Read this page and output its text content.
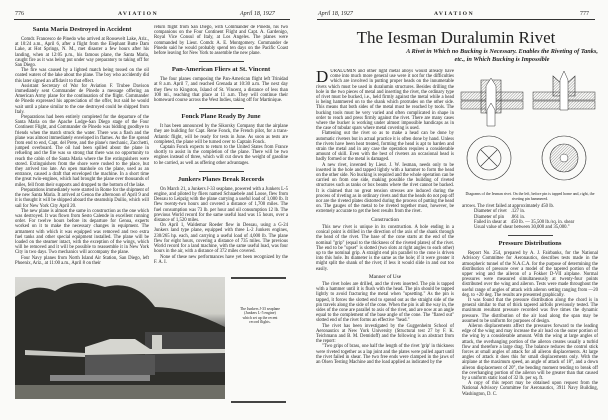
776	AVIATION	April 18, 1927
Santa Maria Destroyed in Accident

Comdr. Francesco de Pinedo who arrived at Roosevelt Lake, Ariz., at 10:24 a.m., April 6, after a flight from the Elephant Butte Dam Lake, at Hot Springs, N. M., met disaster a few hours after his landing, when at 12:05 p.m., his famous plane, the Santa Maria, caught fire as it was being put under way preparatory to taking off for San Diego.

The fire was caused by a lighted match being tossed on the oil coated waters of the lake about the plane. The boy who accidently did this later signed an affidavit to that effect.

Assistant Secretary of War for Aviation F. Trubee Davison immediately sent Commander de Pinedo a message offering an American Army plane for the continuation of the flight. Commander de Pinedo expressed his appreciation of the offer, but said he would wait until a plane similar to the one destroyed could be shipped from Italy.

Preparations had been entirely completed for the departure of the Santa Maria on the Apache Lodge-San Diego stage of the Four Continent Flight, and Commander de Pinedo was bidding goodbye to friends when the match struck the water. There was a flash and the plane was almost immediately enveloped in flames. As the fire spread from end to end, Capt. del Prete, and the plane's mechanic, Zacchetti, jumped overboard. The oil had been spilled about the plane in refueling and the fire was so strong that there was no opportunity to reach the cabin of the Santa Maria where the fire extinguishers were stored. Extinguishers from the shore were rushed to the place, but they arrived too late. An open manhole on the plane, used as an entrance, caused a draft that enveloped the machine. In a short time the great twin-engines, which had brought the plane over thousands of miles, fell from their supports and dropped to the bottom of the lake.

Preparations immediately were started in Rome for the shipment of the new Santa Maria. It arrived at Genoa the afternoon of April 9 and it is thought it will be shipped aboard the steamship Duilio, which will sail for New York City April 20.

The new plane is almost the same in construction as the one which was destroyed. It was flown from Sesto Calende in excellent running order. For twelve hours before its departure for Genoa, experts worked on it to make the necessary changes in equipment. The armament with which it was equipped was removed and two extra fuel tanks and other special equipment installed. The plane will be loaded on the steamer intact, with the exception of the wings, which will be removed and it will be possible to reassemble it in New York City in two days. Two mechanics will accompany the plane.

Four Navy planes from North Island Air Station, San Diego, left Phoenix, Ariz., at 11:00 a.m., April 8 on their

return flight from San Diego, with Commander de Pinedo, his two companions on the Four Continent Flight and Capt. A. Gardenigo, Royal Vice Consul of Italy, at Los Angeles. The planes were commanded by Lieut. Comdr. A. E. Montgomery. Commander de Pinedo said he would probably spend ten days on the Pacific Coast before leaving for New York to assemble the new plane.

Pan-American Fliers at St. Vincent

The four planes composing the Pan-American flight left Trinidad at 8 a.m. April 7, and reached Grenada at 10:30 a.m. The next day they flew to Kingston, Island of St. Vincent, a distance of less than 100 mi., reaching that place at 11 a.m. They will continue their homeward course across the West Indies, taking off for Martinique.

Fonck Plane Ready By June

It has been announced by the Sikorsky Company that the airplane they are building for Capt. Rene Fonck, the French pilot, for a trans-Atlantic flight, will be ready for tests in June. As soon as tests are completed, the plane will be turned over to Captain Fonck.

Captain Fonck expects to return to the United States from France shortly to assist in the completion of the plane. There will be two engines instead of three, which will cut down the weight of gasoline to be carried, as well as offering other advantages.

Junkers Planes Break Records

On March 21, a Junkers J-33 seaplane, powered with a Junkers L-5 engine, and piloted by fliers named Schnaebele and Loose, flew from Dessau to Leipzig with the plane carrying a useful load of 1,000 lb. It flew twenty-two hours and covered a distance of 1,700 miles. The fuel consumption was 73 lb. per hour and oil consumption 12 lb. The previous World record for the same useful load was 15 hours, over a distance of 1,520 miles.

On April 1, Waldemar Roeder flew in Dessau, using a G-24 Junkers land type plane, equipped with three L-2 Junkers engines, 230/265 hp. each, and carrying a useful load of 4,000 lb. The plane flew for eight hours, covering a distance of 735 miles. The previous World record for a land machine, with the same useful load, was four hours in the air, with a distance of 372 miles covered.

None of these new performances have yet been recognized by the F. A. I.

The Junkers J-33 seaplane (Junkers L-5 engine) which set up the recent record flights.
April 18, 1927	AVIATION	777
The Iesman Duralumin Rivet
A Rivet in Which no Bucking is Necessary. Enables the Riveting of Tanks, etc., in Which Bucking is Impossible
D URALUMIN and other light metal alloys would already have come into much more general use were it not for the difficulties which are involved in putting proper heads on the innumerable rivets which must be used in duralumin structures. Besides drilling the hole in the two pieces of metal and inserting the rivet, the ordinary type of rivet must be bucked, i.e., held firmly against the metal while a head is being hammered on to the shank which protrudes on the other side. This means that both sides of the metal must be reached by tools. The bucking tools must be very varied and often complicated in shape in order to reach and press firmly against the rivet. There are many cases where the bucker is working under almost impossible handicaps as in the case of tubular spars where metal covering is used.

Flattening out the rivet so as to make a head can be done by automatic riveters but in actual practice it is often done by hand. Unless the rivets have been heat treated, forming the head is apt to harden and strain the metal and in any case the operation requires a considerable amount of skill. Even with the best of riveters an occasional head is badly formed or the metal is damaged.

A new rivet, invented by Lieut. J. W. Iesman, needs only to be inserted in the hole and tapped lightly with a hammer to form the head on the other side. No bucking is required and the whole operation can be carried on from one side, making possible the building of riveted structures such as tanks or box beams where the rivet cannot be backed. It is claimed that no great tension stresses are induced during the process of riveting as in ordinary rivets and that the heads do not pop off nor are the riveted plates distorted during the process of putting the head on. The gauges of the metal to be riveted together must, however, be extremely accurate to get the best results from the rivet.

Construction

This new rivet is unique in its construction. A hole ending in a conical point is drilled in the direction of the axis of the shank through the head of the rivet. The base of the cone starts at the end of the nominal "grip" (equal to the thickness of the riveted plates) of the rivet. The end to be "upset" is slotted (two slots at right angles to each other) up to the nominal grip. A straight end pin parallel to the cone is driven into this hole. Its diameter is the same as the hole; if it were greater it might split the shank of the rivet; if less it would slide in and out too easily.

Manner of Use

The rivet holes are drilled, and the rivets inserted. The pin is tapped with a hammer until it is flush with the head. The pin should be tapped lightly to avoid fracturing the metal when "upsetting." As the pin is tapped, it forces the slotted end to spread out as the straight side of the pin travels along the side of the cone. When the pin is all the way in, the sides of the cone are parallel to axis of the rivet, and are now at an angle equal to the complement of the base angle of the cone. The "flared out" slotted end of the rivet forms an effective "head."

The rivet has been investigated by the Guggenheim School of Aeronautics at New York University (Structural test 27 by F. K. Teichmann and B. M. Demidoff) and the following is an abstract from the report:

"Two grips of brass, one half the length of the rivet 'grip' in thickness were riveted together as a lap joint and the plates were pulled apart until the rivet failed in shear. The two free ends were clamped in the jaws of an Olsen Testing Machine and the load applied as indicated by the

Diagrams of the Iesman rivet. On the left, before pin is tapped home and, right, the riveting pin hammered.

arrows. The rivet failed at approximately 450 lb.

Diameter of rivet	.127 in.
Diameter of pin	.061 in.
Failed in shear at	450 lb. — 35,500 lb./sq. in. shear
Usual value of shear between 30,000 and 35,000."	
Pressure Distributions

Report No. 254, prepared by A. J. Fairbanks, for the National Advisory Committee for Aeronautics, describes tests made in the atmospheric tunnel of the N.A.C.A. for the purpose of determining the distribution of pressure over a model of the tapered portion of the upper wing and the aileron of a Fokker D-VII airplane. Normal pressures were measured simultaneously at twenty-four points distributed over the wing and aileron. Tests were made throughout the useful range of angles of attack with aileron setting ranging from —20 deg. to +20 deg. The results are presented graphically.

It was found that the pressure distribution along the chord is in general similar to that of thick tapered airfoils previously tested. The maximum resultant pressure recorded was five times the dynamic pressure. The distribution of the air load along the span may be assumed to be uniform for purposes of design.

Aileron displacements affect the pressures forward to the leading edge of the wing and may increase the air load on the outer portion of the wing by a considerable amount. With the wing at large angles of attack, the overhanging portion of the aileron creates usually a turbid flow and therefore a large drag. The balance reduces the control stick forces at small angles of attack for all aileron displacements. At large angles of attack it does this for small displacements only. With the airplane at the maximum speed, an angle of attack of 18°, and a down aileron displacement of 20°, the bending moment tending to break off the overhanging portion of the aileron will be greater than that caused by a uniform static load of 32 lb. per sq. ft.

A copy of this report may be obtained upon request from the National Advisory Committee for Aeronautics, 3911 Navy Building, Washington, D. C.
